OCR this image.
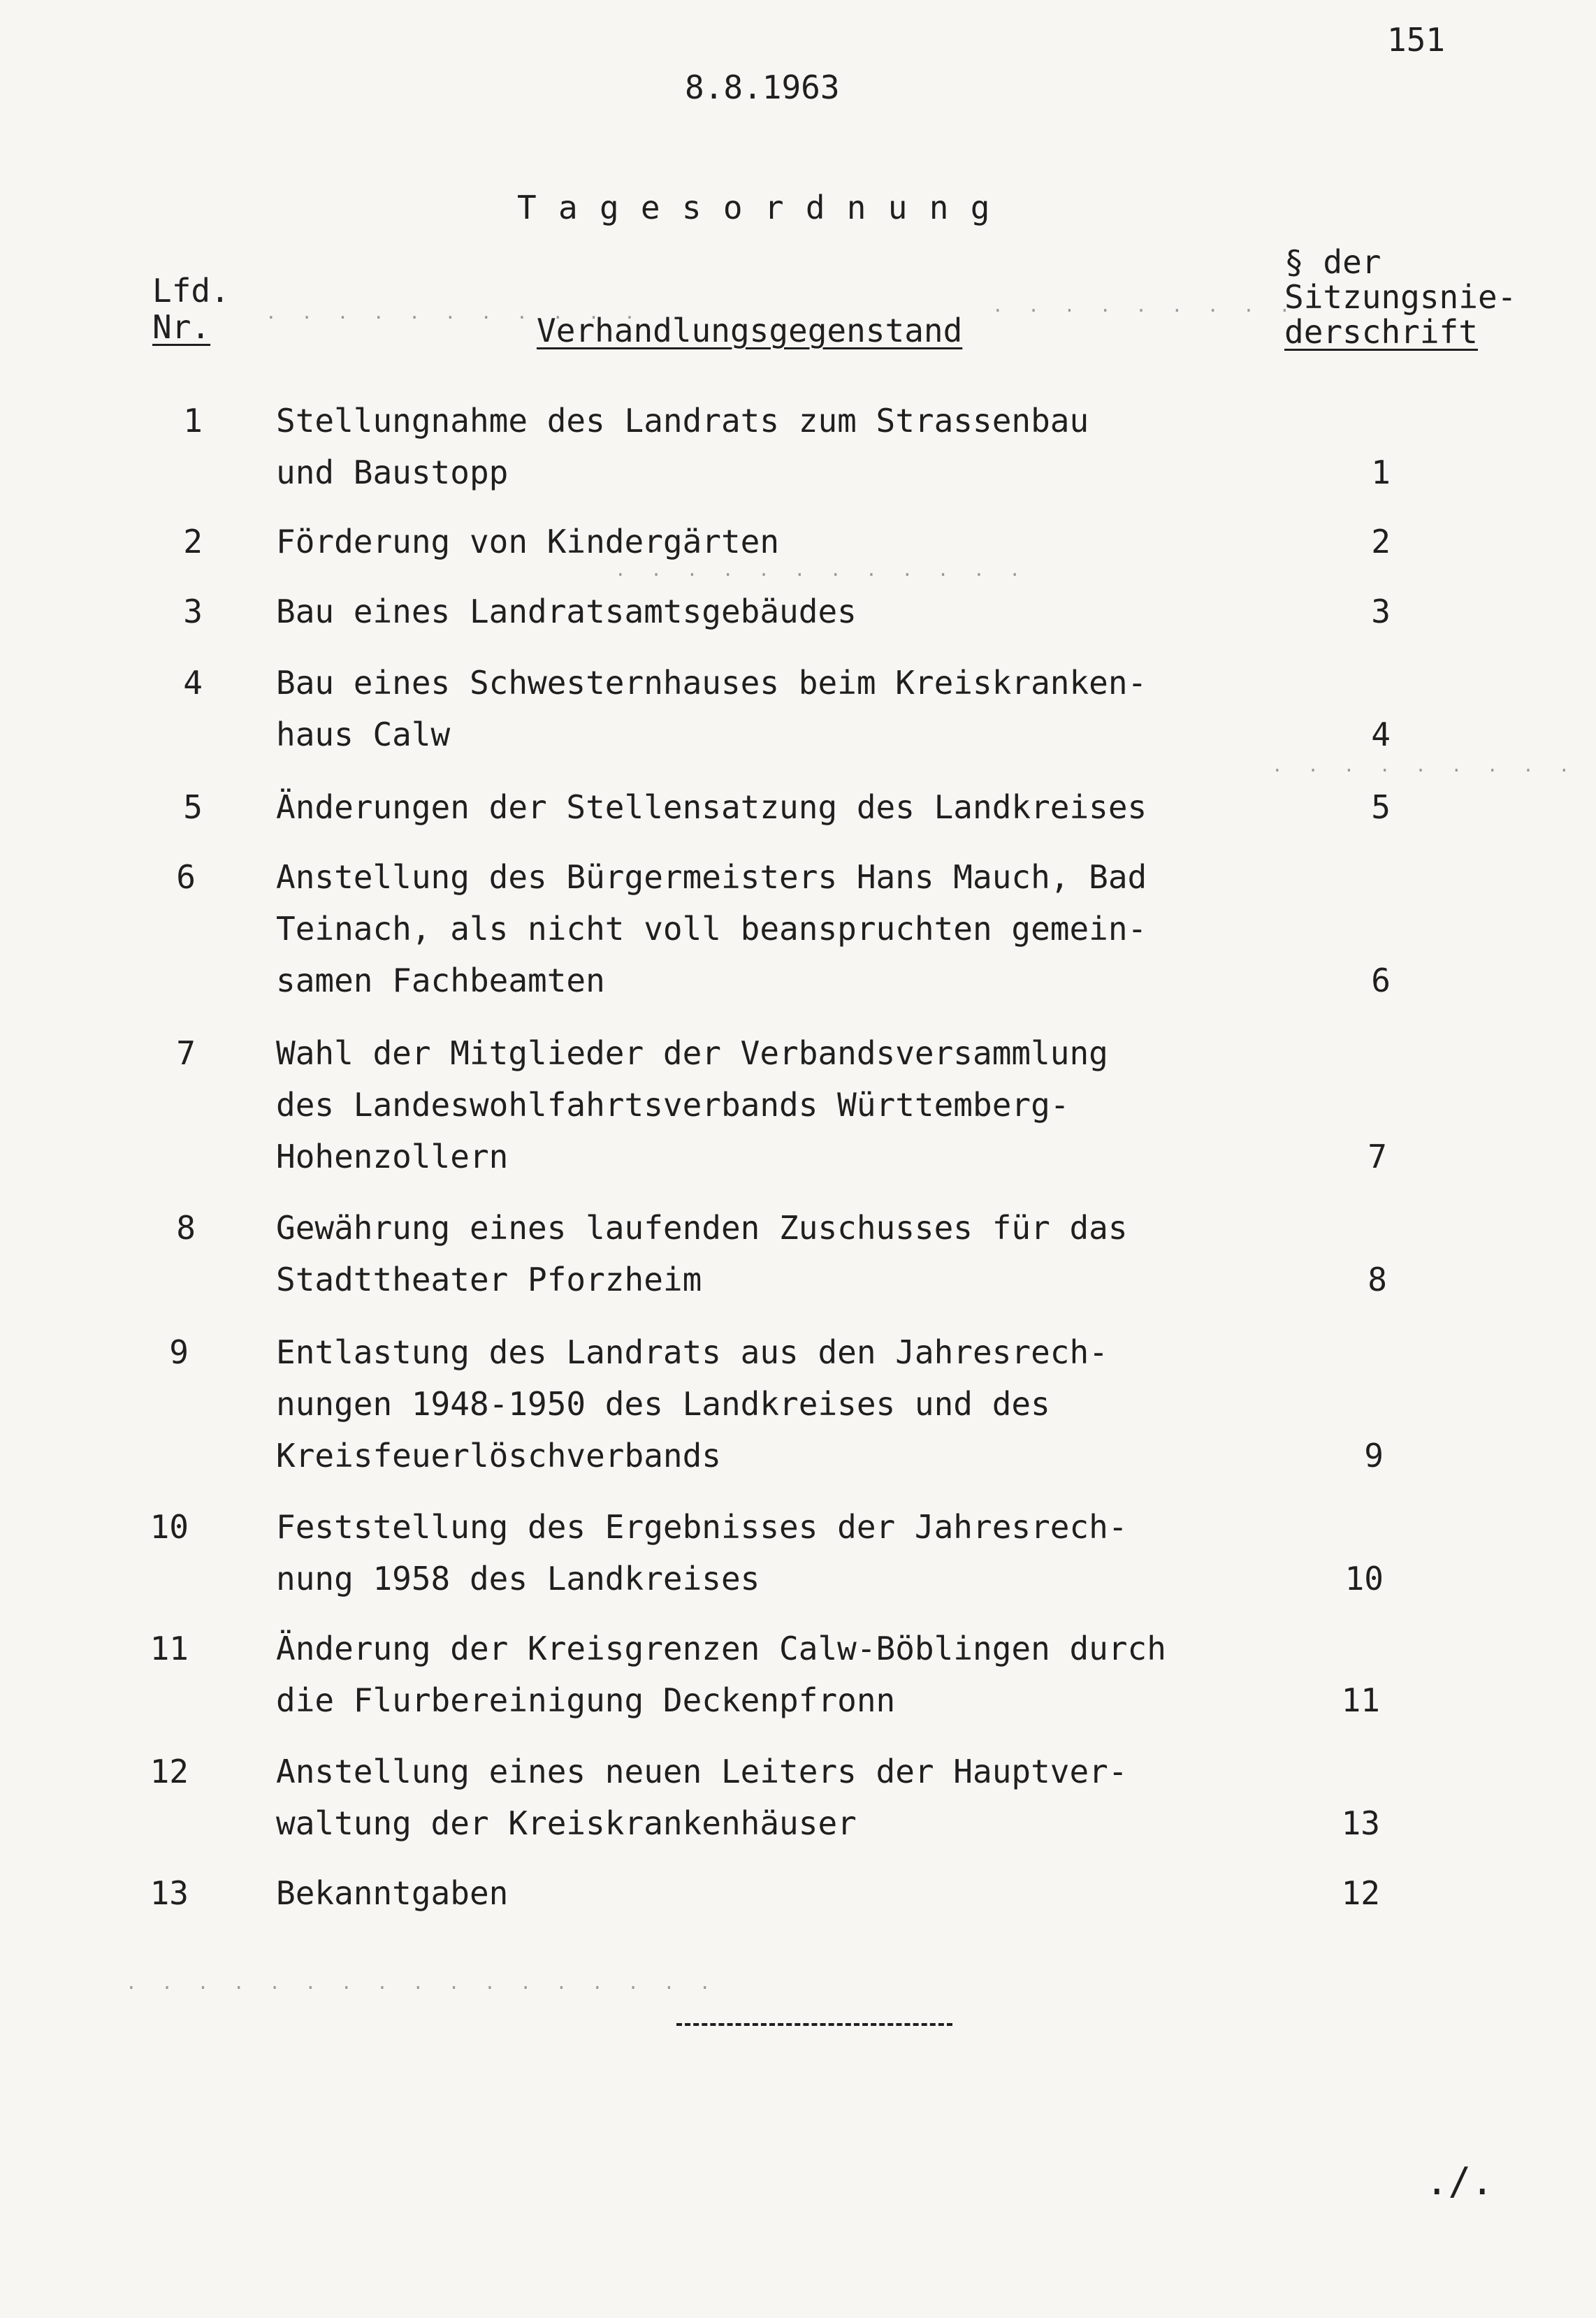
151
8.8.1963
Tagesordnung
Lfd.
Nr.	Verhandlungsgegenstand
§ der
Sitzungsnie-
derschrift
1 Stellungnahme des Landrats zum Strassenbau
und Baustopp	1
2 Förderung von Kindergärten	2
3 Bau eines Landratsamtsgebäudes	3
4 Bau eines Schwesternhauses beim Kreiskranken-
haus Calw	4
5 Änderungen der Stellensatzung des Landkreises	5
6	Anstellung des Bürgermeisters Hans Mauch, Bad
Teinach, als nicht voll beanspruchten gemein-
samen Fachbeamten	6
7	Wahl der Mitglieder der Verbandsversammlung
des Landeswohlfahrtsverbands Württemberg-
Hohenzollern	7
8	Gewährung eines laufenden Zuschusses für das
Stadttheater Pforzheim	8
9	Entlastung des Landrats aus den Jahresrech-
nungen 1948-1950 des Landkreises und des
Kreisfeuerlöschverbands	9
10	Feststellung des Ergebnisses der Jahresrech-
nung 1958 des Landkreises	10
11	Änderung der Kreisgrenzen Calw-Böblingen durch
die Flurbereinigung Deckenpfronn	11
12	Anstellung eines neuen Leiters der Hauptver-
waltung der Kreiskrankenhäuser	13
13	Bekanntgaben	12
./.
· · · · · · · · · · ·	· · · · · · · · ·
· · · · · · · · · · · ·
· · · · · · · · ·
· · · · · · · · · · · · · · · · ·
